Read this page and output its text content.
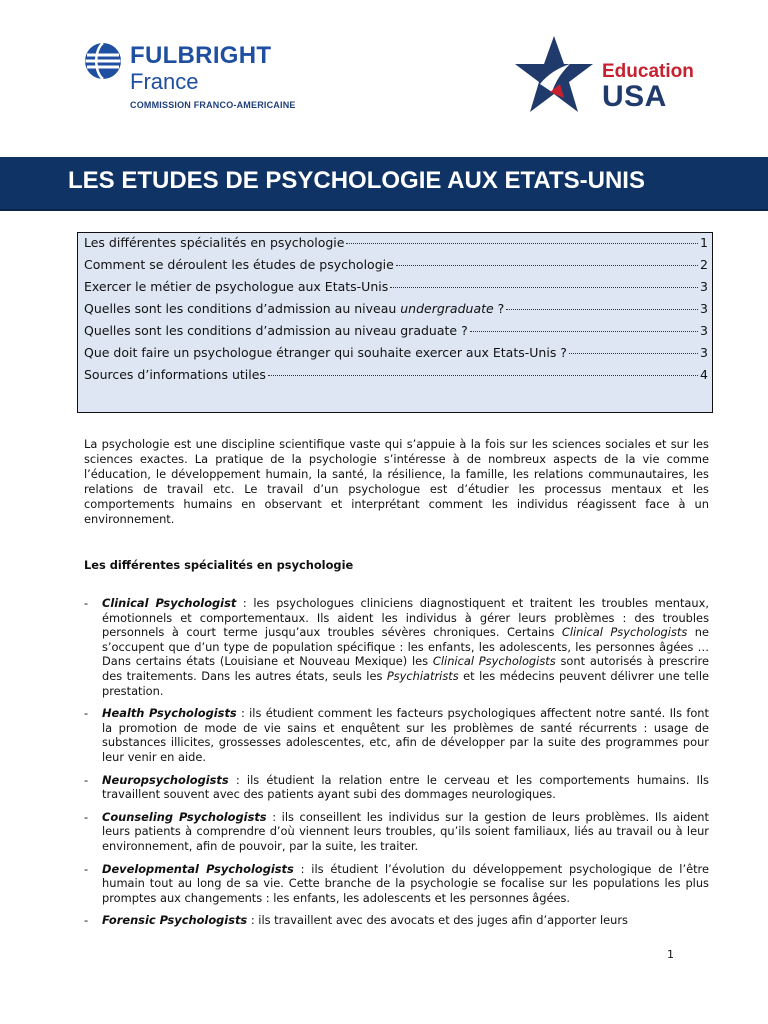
FULBRIGHT
France
COMMISSION FRANCO-AMERICAINE
Education
USA
LES ETUDES DE PSYCHOLOGIE AUX ETATS-UNIS
Les différentes spécialités en psychologie	1
Comment se déroulent les études de psychologie	2
Exercer le métier de psychologue aux Etats-Unis	3
Quelles sont les conditions d’admission au niveau undergraduate ?	3
Quelles sont les conditions d’admission au niveau graduate ?	3
Que doit faire un psychologue étranger qui souhaite exercer aux Etats-Unis ?	3
Sources d’informations utiles	4

La psychologie est une discipline scientifique vaste qui s’appuie à la fois sur les sciences sociales et sur les sciences exactes. La pratique de la psychologie s’intéresse à de nombreux aspects de la vie comme l’éducation, le développement humain, la santé, la résilience, la famille, les relations communautaires, les relations de travail etc. Le travail d’un psychologue est d’étudier les processus mentaux et les comportements humains en observant et interprétant comment les individus réagissent face à un environnement.

Les différentes spécialités en psychologie
- Clinical Psychologist : les psychologues cliniciens diagnostiquent et traitent les troubles mentaux, émotionnels et comportementaux. Ils aident les individus à gérer leurs problèmes : des troubles personnels à court terme jusqu’aux troubles sévères chroniques. Certains Clinical Psychologists ne s’occupent que d’un type de population spécifique : les enfants, les adolescents, les personnes âgées … Dans certains états (Louisiane et Nouveau Mexique) les Clinical Psychologists sont autorisés à prescrire des traitements. Dans les autres états, seuls les Psychiatrists et les médecins peuvent délivrer une telle prestation.
- Health Psychologists : ils étudient comment les facteurs psychologiques affectent notre santé. Ils font la promotion de mode de vie sains et enquêtent sur les problèmes de santé récurrents : usage de substances illicites, grossesses adolescentes, etc, afin de développer par la suite des programmes pour leur venir en aide.
- Neuropsychologists : ils étudient la relation entre le cerveau et les comportements humains. Ils travaillent souvent avec des patients ayant subi des dommages neurologiques.
- Counseling Psychologists : ils conseillent les individus sur la gestion de leurs problèmes. Ils aident leurs patients à comprendre d’où viennent leurs troubles, qu’ils soient familiaux, liés au travail ou à leur environnement, afin de pouvoir, par la suite, les traiter.
- Developmental Psychologists : ils étudient l’évolution du développement psychologique de l’être humain tout au long de sa vie. Cette branche de la psychologie se focalise sur les populations les plus promptes aux changements : les enfants, les adolescents et les personnes âgées.
- Forensic Psychologists : ils travaillent avec des avocats et des juges afin d’apporter leurs
1
